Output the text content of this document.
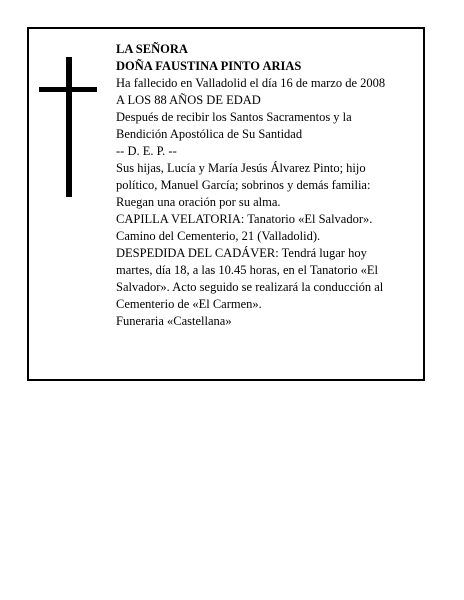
LA SEÑORA
DOÑA FAUSTINA PINTO ARIAS
Ha fallecido en Valladolid el día 16 de marzo de 2008
A LOS 88 AÑOS DE EDAD
Después de recibir los Santos Sacramentos y la
Bendición Apostólica de Su Santidad
-- D. E. P. --
Sus hijas, Lucía y María Jesús Álvarez Pinto; hijo
político, Manuel García; sobrinos y demás familia:
Ruegan una oración por su alma.
CAPILLA VELATORIA: Tanatorio «El Salvador».
Camino del Cementerio, 21 (Valladolid).
DESPEDIDA DEL CADÁVER: Tendrá lugar hoy
martes, día 18, a las 10.45 horas, en el Tanatorio «El
Salvador». Acto seguido se realizará la conducción al
Cementerio de «El Carmen».
Funeraria «Castellana»
